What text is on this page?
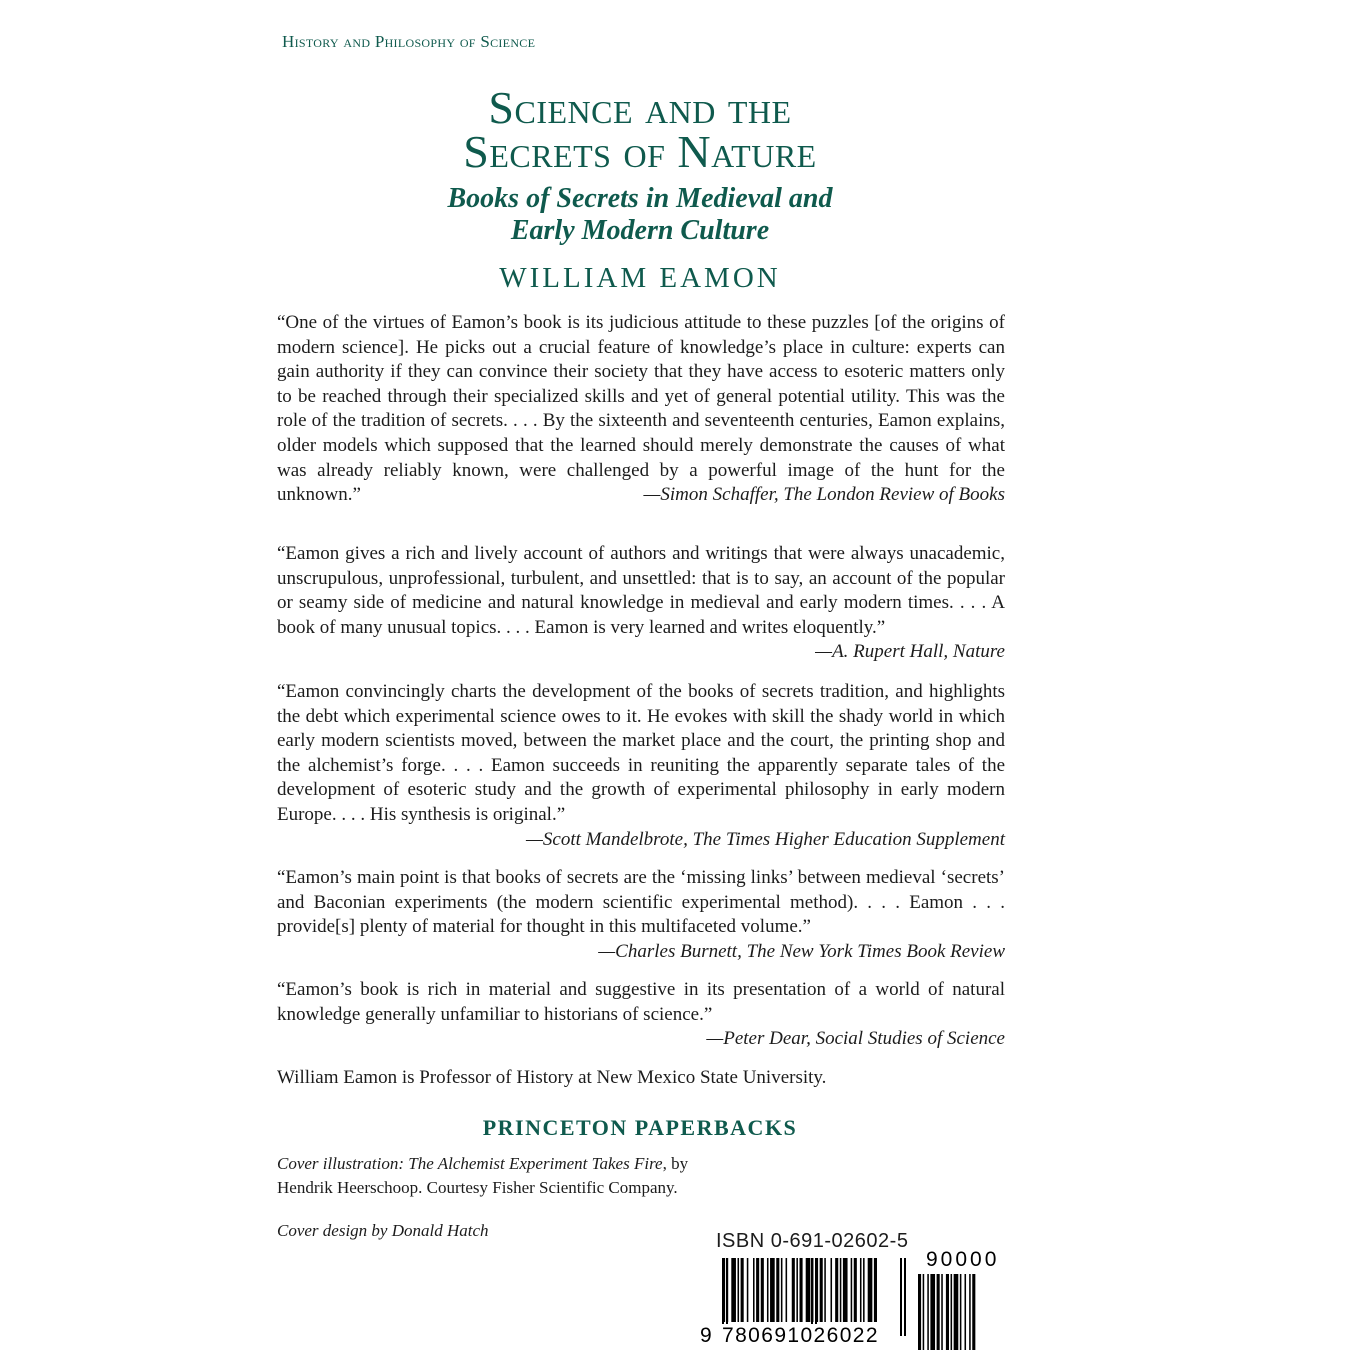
History and Philosophy of Science
Science and the
Secrets of Nature
Books of Secrets in Medieval and
Early Modern Culture
WILLIAM EAMON
“One of the virtues of Eamon’s book is its judicious attitude to these puzzles [of the origins of modern science]. He picks out a crucial feature of knowledge’s place in culture: experts can gain authority if they can convince their society that they have access to esoteric matters only to be reached through their specialized skills and yet of general potential utility. This was the role of the tradition of secrets. . . . By the sixteenth and seventeenth centuries, Eamon explains, older models which supposed that the learned should merely demonstrate the causes of what was already reliably known, were challenged by a powerful image of the hunt for the unknown.”	—Simon Schaffer, The London Review of Books
“Eamon gives a rich and lively account of authors and writings that were always unacademic, unscrupulous, unprofessional, turbulent, and unsettled: that is to say, an account of the popular or seamy side of medicine and natural knowledge in medieval and early modern times. . . . A book of many unusual topics. . . . Eamon is very learned and writes eloquently.”
—A. Rupert Hall, Nature
“Eamon convincingly charts the development of the books of secrets tradition, and highlights the debt which experimental science owes to it. He evokes with skill the shady world in which early modern scientists moved, between the market place and the court, the printing shop and the alchemist’s forge. . . . Eamon succeeds in reuniting the apparently separate tales of the development of esoteric study and the growth of experimental philosophy in early modern Europe. . . . His synthesis is original.”
—Scott Mandelbrote, The Times Higher Education Supplement
“Eamon’s main point is that books of secrets are the ‘missing links’ between medieval ‘secrets’ and Baconian experiments (the modern scientific experimental method). . . . Eamon . . . provide[s] plenty of material for thought in this multifaceted volume.”
—Charles Burnett, The New York Times Book Review
“Eamon’s book is rich in material and suggestive in its presentation of a world of natural knowledge generally unfamiliar to historians of science.”
—Peter Dear, Social Studies of Science
William Eamon is Professor of History at New Mexico State University.
PRINCETON PAPERBACKS
Cover illustration: The Alchemist Experiment Takes Fire, by
Hendrik Heerschoop. Courtesy Fisher Scientific Company.
Cover design by Donald Hatch	ISBN 0-691-02602-5
9 780691026022
90000
